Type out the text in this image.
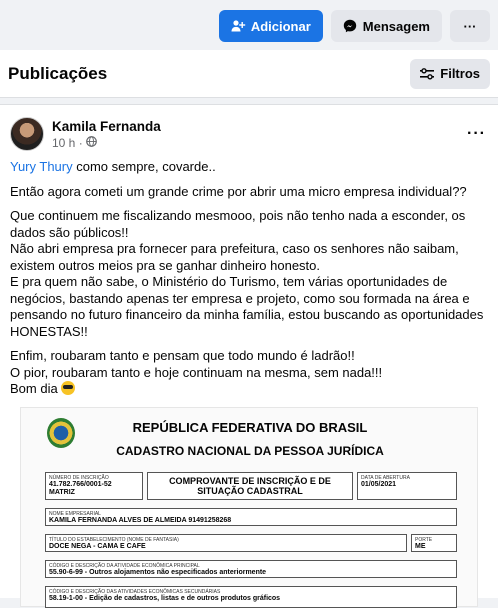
Adicionar	Mensagem	···
Publicações	Filtros
Kamila Fernanda
10 h ·
···

Yury Thury como sempre, covarde..

Então agora cometi um grande crime por abrir uma micro empresa individual??

Que continuem me fiscalizando mesmooo, pois não tenho nada a esconder, os dados são públicos!!

Não abri empresa pra fornecer para prefeitura, caso os senhores não saibam, existem outros meios pra se ganhar dinheiro honesto.

E pra quem não sabe, o Ministério do Turismo, tem várias oportunidades de negócios, bastando apenas ter empresa e projeto, como sou formada na área e pensando no futuro financeiro da minha família, estou buscando as oportunidades HONESTAS!!

Enfim, roubaram tanto e pensam que todo mundo é ladrão!!

O pior, roubaram tanto e hoje continuam na mesma, sem nada!!!

Bom dia

REPÚBLICA FEDERATIVA DO BRASIL
CADASTRO NACIONAL DA PESSOA JURÍDICA
NÚMERO DE INSCRIÇÃO
41.782.766/0001-52
MATRIZ
COMPROVANTE DE INSCRIÇÃO E DE SITUAÇÃO CADASTRAL
DATA DE ABERTURA
01/05/2021
NOME EMPRESARIAL
KAMILA FERNANDA ALVES DE ALMEIDA 91491258268
TÍTULO DO ESTABELECIMENTO (NOME DE FANTASIA)
DOCE NEGA - CAMA E CAFE
PORTE
ME
CÓDIGO E DESCRIÇÃO DA ATIVIDADE ECONÔMICA PRINCIPAL
55.90-6-99 - Outros alojamentos não especificados anteriormente
CÓDIGO E DESCRIÇÃO DAS ATIVIDADES ECONÔMICAS SECUNDÁRIAS
58.19-1-00 - Edição de cadastros, listas e de outros produtos gráficos
